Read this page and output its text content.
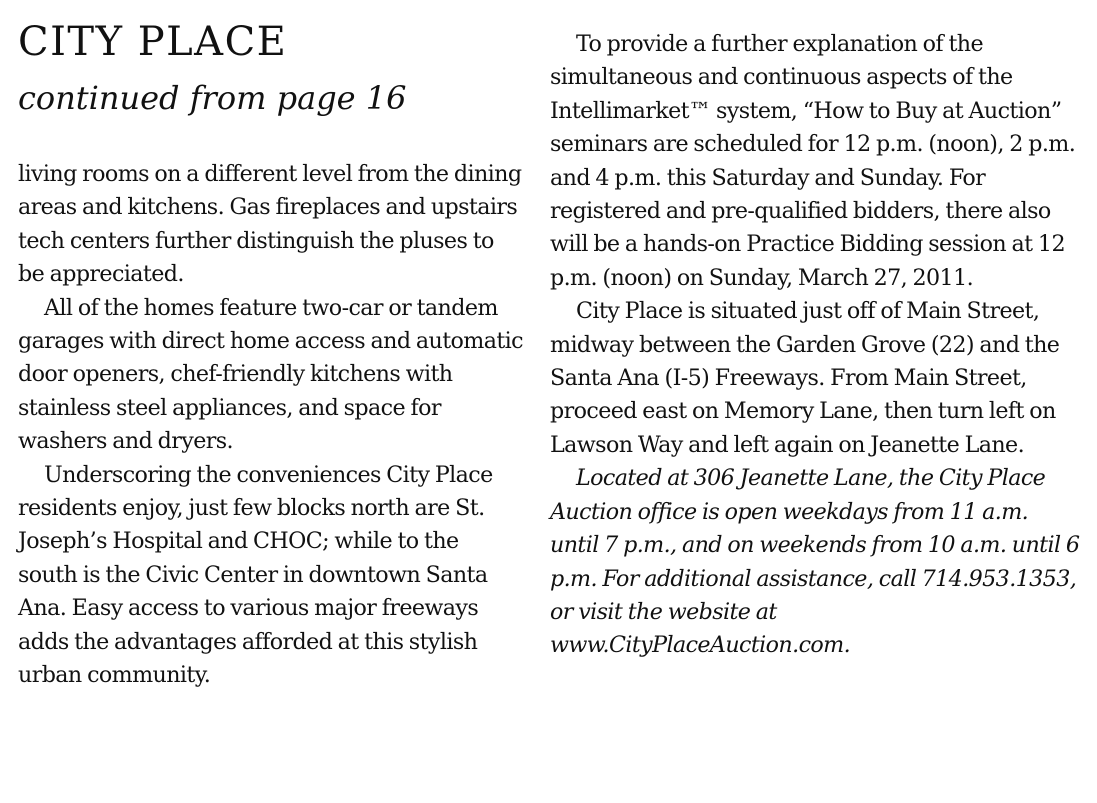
CITY PLACE
continued from page 16

living rooms on a different level from the dining areas and kitchens. Gas fireplaces and upstairs tech centers further distinguish the pluses to be appreciated.

All of the homes feature two-car or tandem garages with direct home access and automatic door openers, chef-friendly kitchens with stainless steel appliances, and space for washers and dryers.

Underscoring the conveniences City Place residents enjoy, just few blocks north are St. Joseph’s Hospital and CHOC; while to the south is the Civic Center in downtown Santa Ana. Easy access to various major freeways adds the advantages afforded at this stylish urban community.

To provide a further explanation of the simultaneous and continuous aspects of the Intellimarket™ system, “How to Buy at Auction” seminars are scheduled for 12 p.m. (noon), 2 p.m. and 4 p.m. this Saturday and Sunday. For registered and pre-qualified bidders, there also will be a hands-on Practice Bidding session at 12 p.m. (noon) on Sunday, March 27, 2011.

City Place is situated just off of Main Street, midway between the Garden Grove (22) and the Santa Ana (I-5) Freeways. From Main Street, proceed east on Memory Lane, then turn left on Lawson Way and left again on Jeanette Lane.

Located at 306 Jeanette Lane, the City Place Auction office is open weekdays from 11 a.m. until 7 p.m., and on weekends from 10 a.m. until 6 p.m. For additional assistance, call 714.953.1353, or visit the website at www.CityPlaceAuction.com.
